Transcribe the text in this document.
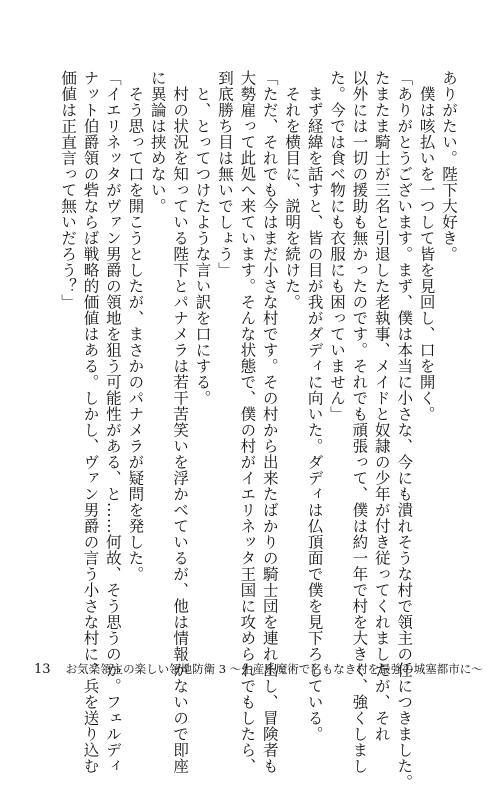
ありがたい。陛下大好き。
　僕は咳払いを一つして皆を見回し、口を開く。
「ありがとうございます。まず、僕は本当に小さな、今にも潰れそうな村で領主の任につきました。
たまたま騎士が三名と引退した老執事、メイドと奴隷の少年が付き従ってくれましたが、それ
以外には一切の援助も無かったのです。それでも頑張って、僕は約一年で村を大きく、強くしまし
た。今では食べ物にも衣服にも困っていません」
　まず経緯を話すと、皆の目が我がダディに向いた。ダディは仏頂面で僕を見下ろしている。
　それを横目に、説明を続けた。
「ただ、それでも今はまだ小さな村です。その村から出来たばかりの騎士団を連れ出し、冒険者も
大勢雇って此処へ来ています。そんな状態で、僕の村がイエリネッタ王国に攻められでもしたら、
到底勝ち目は無いでしょう」
　と、とってつけたような言い訳を口にする。
　村の状況を知っている陛下とパナメラは若干苦笑いを浮かべているが、他は情報がないので即座
に異論は挟めない。
　そう思って口を開こうとしたが、まさかのパナメラが疑問を発した。
「イエリネッタがヴァン男爵の領地を狙う可能性がある、と……何故、そう思うのか。フェルディ
ナット伯爵領の砦ならば戦略的価値はある。しかし、ヴァン男爵の言う小さな村に、兵を送り込む
価値は正直言って無いだろう？」
13 お気楽領主の楽しい領地防衛 3 ～生産系魔術で名もなき村を最強の城塞都市に～
